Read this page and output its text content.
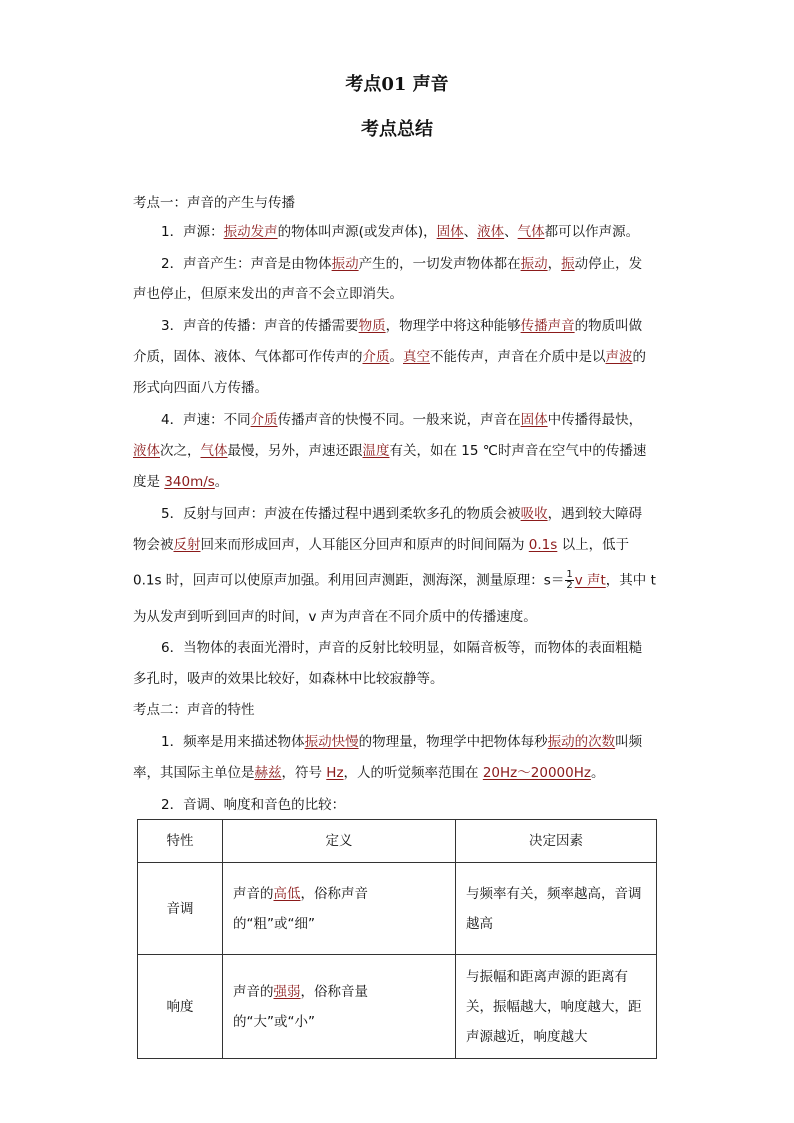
考点01 声音
考点总结
考点一：声音的产生与传播
1．声源：振动发声的物体叫声源(或发声体)，固体、液体、气体都可以作声源。
2．声音产生：声音是由物体振动产生的，一切发声物体都在振动，振动停止，发
声也停止，但原来发出的声音不会立即消失。
3．声音的传播：声音的传播需要物质，物理学中将这种能够传播声音的物质叫做
介质，固体、液体、气体都可作传声的介质。真空不能传声，声音在介质中是以声波的
形式向四面八方传播。
4．声速：不同介质传播声音的快慢不同。一般来说，声音在固体中传播得最快，
液体次之，气体最慢，另外，声速还跟温度有关，如在 15 ℃时声音在空气中的传播速
度是 340m/s。
5．反射与回声：声波在传播过程中遇到柔软多孔的物质会被吸收，遇到较大障碍
物会被反射回来而形成回声，人耳能区分回声和原声的时间间隔为 0.1s 以上，低于
0.1s 时，回声可以使原声加强。利用回声测距，测海深，测量原理：$s= \frac{1}{2}$ v 声t，其中 t
为从发声到听到回声的时间，v 声为声音在不同介质中的传播速度。
6．当物体的表面光滑时，声音的反射比较明显，如隔音板等，而物体的表面粗糙
多孔时，吸声的效果比较好，如森林中比较寂静等。
考点二：声音的特性
1．频率是用来描述物体振动快慢的物理量，物理学中把物体每秒振动的次数叫频
率，其国际主单位是赫兹，符号 Hz，人的听觉频率范围在 20Hz～20000Hz。
2．音调、响度和音色的比较：
特性	定义	决定因素
音调	声音的高低，俗称声音的“粗”或“细”	与频率有关，频率越高，音调越高
响度	声音的强弱，俗称音量的“大”或“小”	与振幅和距离声源的距离有关，振幅越大，响度越大，距声源越近，响度越大
